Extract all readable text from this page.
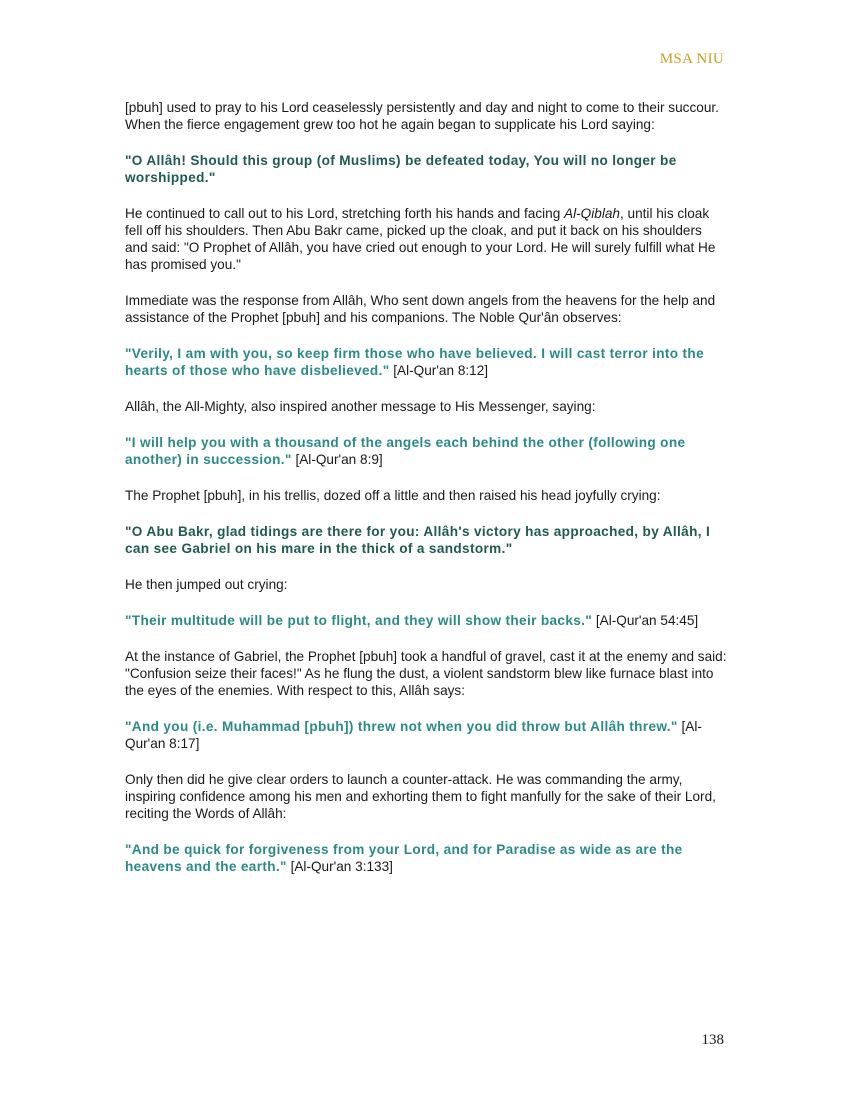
MSA NIU

[pbuh] used to pray to his Lord ceaselessly persistently and day and night to come to their succour. When the fierce engagement grew too hot he again began to supplicate his Lord saying:

"O Allâh! Should this group (of Muslims) be defeated today, You will no longer be worshipped."

He continued to call out to his Lord, stretching forth his hands and facing Al-Qiblah, until his cloak fell off his shoulders. Then Abu Bakr came, picked up the cloak, and put it back on his shoulders and said: "O Prophet of Allâh, you have cried out enough to your Lord. He will surely fulfill what He has promised you."

Immediate was the response from Allâh, Who sent down angels from the heavens for the help and assistance of the Prophet [pbuh] and his companions. The Noble Qur'ân observes:

"Verily, I am with you, so keep firm those who have believed. I will cast terror into the hearts of those who have disbelieved." [Al-Qur'an 8:12]

Allâh, the All-Mighty, also inspired another message to His Messenger, saying:

"I will help you with a thousand of the angels each behind the other (following one another) in succession." [Al-Qur'an 8:9]

The Prophet [pbuh], in his trellis, dozed off a little and then raised his head joyfully crying:

"O Abu Bakr, glad tidings are there for you: Allâh's victory has approached, by Allâh, I can see Gabriel on his mare in the thick of a sandstorm."

He then jumped out crying:

"Their multitude will be put to flight, and they will show their backs." [Al-Qur'an 54:45]

At the instance of Gabriel, the Prophet [pbuh] took a handful of gravel, cast it at the enemy and said: "Confusion seize their faces!" As he flung the dust, a violent sandstorm blew like furnace blast into the eyes of the enemies. With respect to this, Allâh says:

"And you (i.e. Muhammad [pbuh]) threw not when you did throw but Allâh threw." [Al-Qur'an 8:17]

Only then did he give clear orders to launch a counter-attack. He was commanding the army, inspiring confidence among his men and exhorting them to fight manfully for the sake of their Lord, reciting the Words of Allâh:

"And be quick for forgiveness from your Lord, and for Paradise as wide as are the heavens and the earth." [Al-Qur'an 3:133]

138
